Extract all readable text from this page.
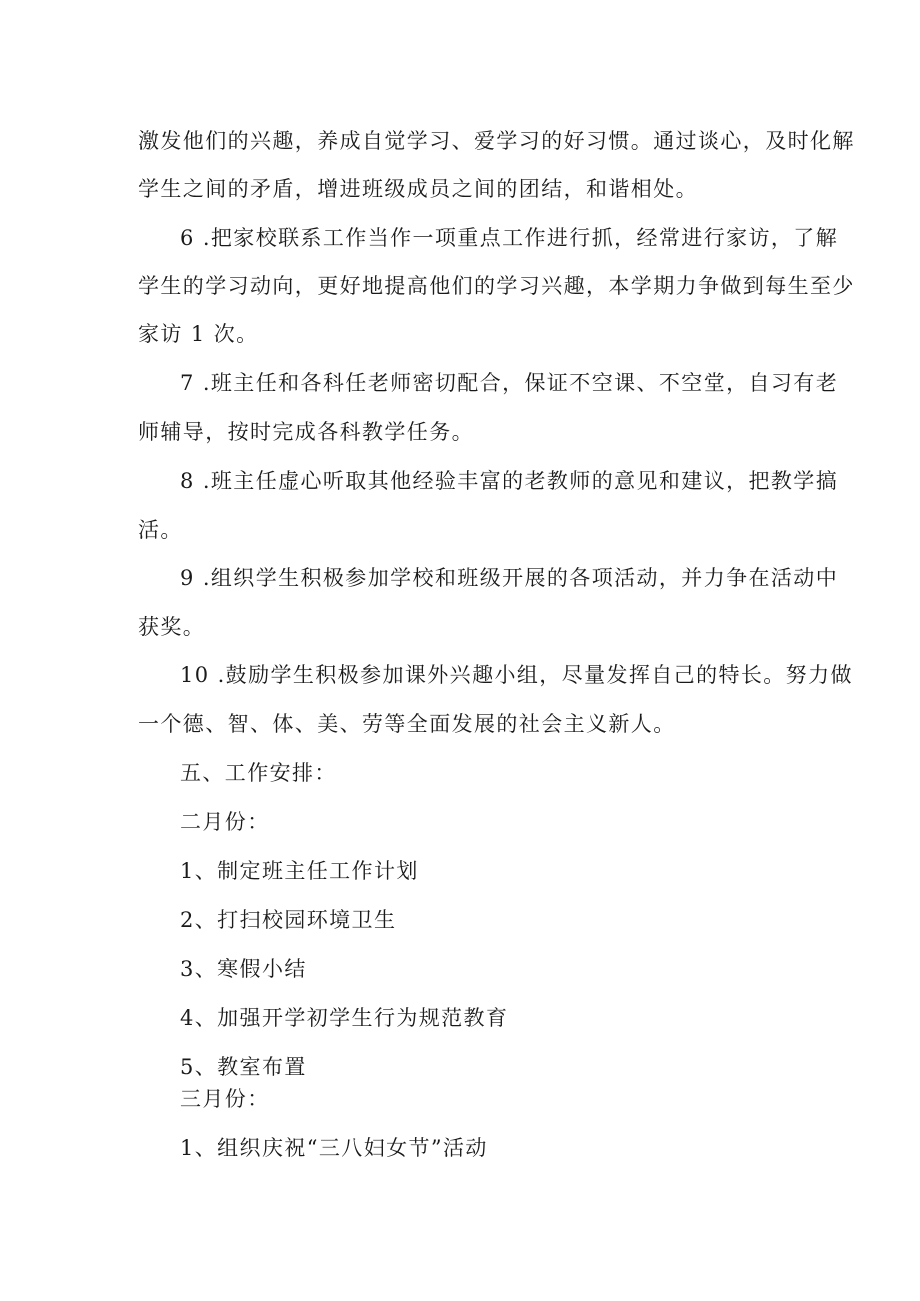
激发他们的兴趣，养成自觉学习、爱学习的好习惯。通过谈心，及时化解
学生之间的矛盾，增进班级成员之间的团结，和谐相处。
6 .把家校联系工作当作一项重点工作进行抓，经常进行家访，了解
学生的学习动向，更好地提高他们的学习兴趣，本学期力争做到每生至少
家访 1 次。
7 .班主任和各科任老师密切配合，保证不空课、不空堂，自习有老
师辅导，按时完成各科教学任务。
8 .班主任虚心听取其他经验丰富的老教师的意见和建议，把教学搞
活。
9 .组织学生积极参加学校和班级开展的各项活动，并力争在活动中
获奖。
10 .鼓励学生积极参加课外兴趣小组，尽量发挥自己的特长。努力做
一个德、智、体、美、劳等全面发展的社会主义新人。
五、工作安排：
二月份：
1、制定班主任工作计划
2、打扫校园环境卫生
3、寒假小结
4、加强开学初学生行为规范教育
5、教室布置
三月份：
1、组织庆祝“三八妇女节”活动
